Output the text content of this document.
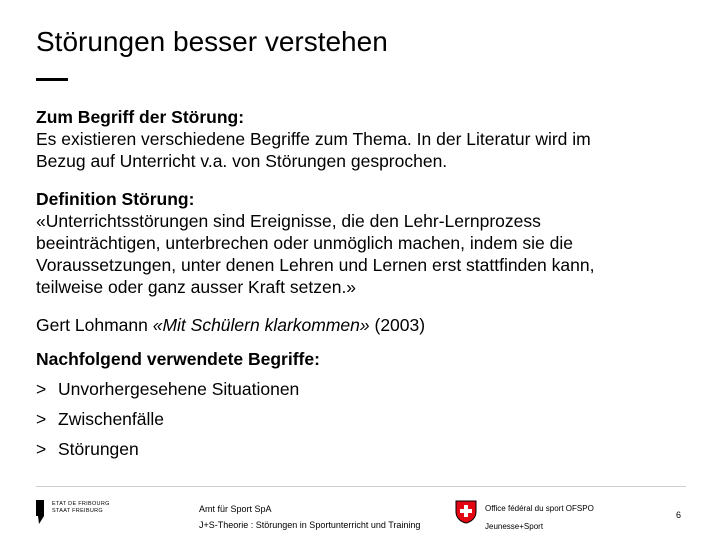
Störungen besser verstehen

Zum Begriff der Störung:

Es existieren verschiedene Begriffe zum Thema. In der Literatur wird im

Bezug auf Unterricht v.a. von Störungen gesprochen.

Definition Störung:

«Unterrichtsstörungen sind Ereignisse, die den Lehr-Lernprozess

beeinträchtigen, unterbrechen oder unmöglich machen, indem sie die

Voraussetzungen, unter denen Lehren und Lernen erst stattfinden kann,

teilweise oder ganz ausser Kraft setzen.»

Gert Lohmann «Mit Schülern klarkommen» (2003)

Nachfolgend verwendete Begriffe:

> Unvorhergesehene Situationen

> Zwischenfälle

> Störungen

ETAT DE FRIBOURG
STAAT FREIBURG	Amt für Sport SpA
J+S-Theorie : Störungen in Sportunterricht und Training
Office fédéral du sport OFSPO
Jeunesse+Sport
6
